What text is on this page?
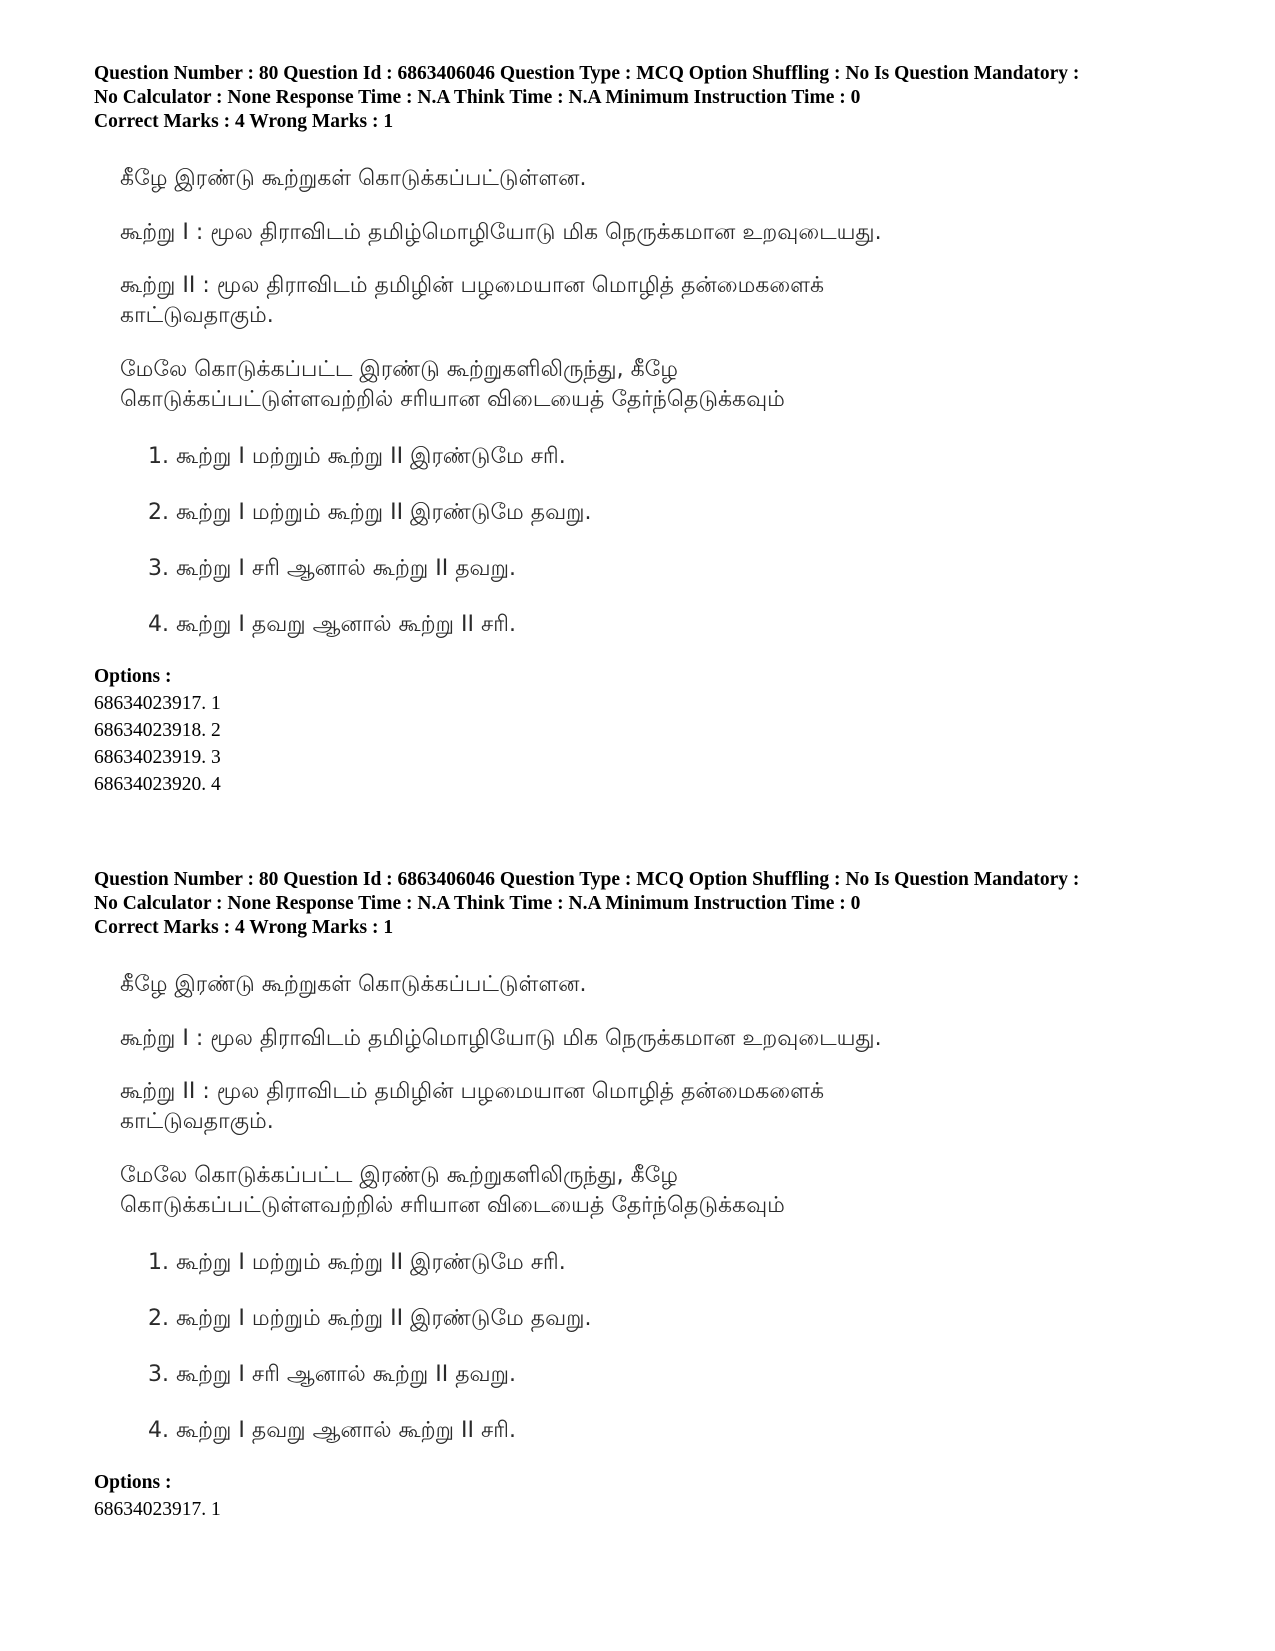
Question Number : 80 Question Id : 6863406046 Question Type : MCQ Option Shuffling : No Is Question Mandatory :

No Calculator : None Response Time : N.A Think Time : N.A Minimum Instruction Time : 0

Correct Marks : 4 Wrong Marks : 1

கீழே இரண்டு கூற்றுகள் கொடுக்கப்பட்டுள்ளன.

கூற்று I : மூல திராவிடம் தமிழ்மொழியோடு மிக நெருக்கமான உறவுடையது.

கூற்று II : மூல திராவிடம் தமிழின் பழமையான மொழித் தன்மைகளைக்

காட்டுவதாகும்.

மேலே கொடுக்கப்பட்ட இரண்டு கூற்றுகளிலிருந்து, கீழே

கொடுக்கப்பட்டுள்ளவற்றில் சரியான விடையைத் தேர்ந்தெடுக்கவும்

1. கூற்று I மற்றும் கூற்று II இரண்டுமே சரி.

2. கூற்று I மற்றும் கூற்று II இரண்டுமே தவறு.

3. கூற்று I சரி ஆனால் கூற்று II தவறு.

4. கூற்று I தவறு ஆனால் கூற்று II சரி.

Options :
68634023917. 1
68634023918. 2
68634023919. 3
68634023920. 4

Question Number : 80 Question Id : 6863406046 Question Type : MCQ Option Shuffling : No Is Question Mandatory :

No Calculator : None Response Time : N.A Think Time : N.A Minimum Instruction Time : 0

Correct Marks : 4 Wrong Marks : 1

கீழே இரண்டு கூற்றுகள் கொடுக்கப்பட்டுள்ளன.

கூற்று I : மூல திராவிடம் தமிழ்மொழியோடு மிக நெருக்கமான உறவுடையது.

கூற்று II : மூல திராவிடம் தமிழின் பழமையான மொழித் தன்மைகளைக்

காட்டுவதாகும்.

மேலே கொடுக்கப்பட்ட இரண்டு கூற்றுகளிலிருந்து, கீழே

கொடுக்கப்பட்டுள்ளவற்றில் சரியான விடையைத் தேர்ந்தெடுக்கவும்

1. கூற்று I மற்றும் கூற்று II இரண்டுமே சரி.

2. கூற்று I மற்றும் கூற்று II இரண்டுமே தவறு.

3. கூற்று I சரி ஆனால் கூற்று II தவறு.

4. கூற்று I தவறு ஆனால் கூற்று II சரி.

Options :
68634023917. 1
